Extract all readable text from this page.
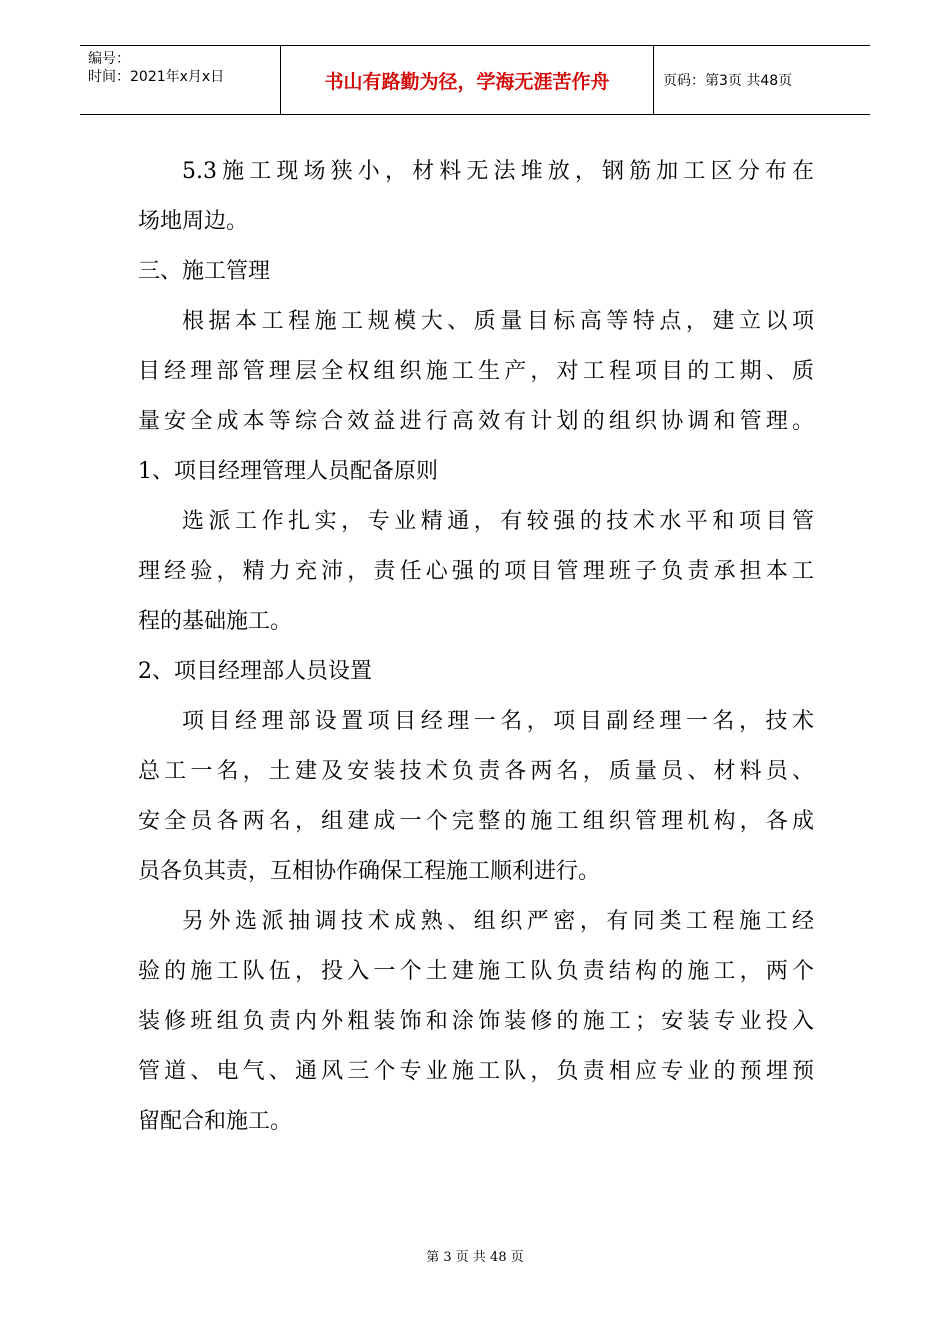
编号：
时间：2021年x月x日	书山有路勤为径，学海无涯苦作舟	页码：第3页 共48页
5.3施工现场狭小，材料无法堆放，钢筋加工区分布在
场地周边。
三、施工管理
根据本工程施工规模大、质量目标高等特点，建立以项
目经理部管理层全权组织施工生产，对工程项目的工期、质
量安全成本等综合效益进行高效有计划的组织协调和管理。
1、项目经理管理人员配备原则
选派工作扎实，专业精通，有较强的技术水平和项目管
理经验，精力充沛，责任心强的项目管理班子负责承担本工
程的基础施工。
2、项目经理部人员设置
项目经理部设置项目经理一名，项目副经理一名，技术
总工一名，土建及安装技术负责各两名，质量员、材料员、
安全员各两名，组建成一个完整的施工组织管理机构，各成
员各负其责，互相协作确保工程施工顺利进行。
另外选派抽调技术成熟、组织严密，有同类工程施工经
验的施工队伍，投入一个土建施工队负责结构的施工，两个
装修班组负责内外粗装饰和涂饰装修的施工；安装专业投入
管道、电气、通风三个专业施工队，负责相应专业的预埋预
留配合和施工。
第 3 页 共 48 页
